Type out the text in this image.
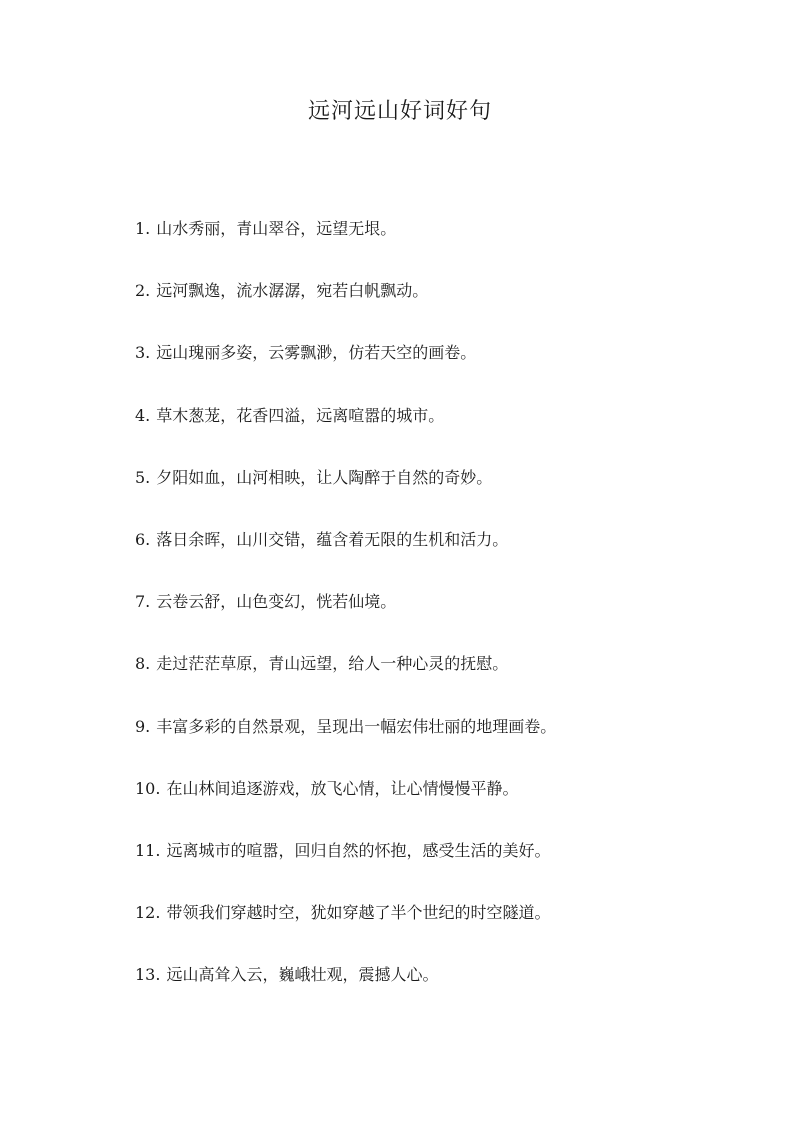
远河远山好词好句
1. 山水秀丽，青山翠谷，远望无垠。
2. 远河飘逸，流水潺潺，宛若白帆飘动。
3. 远山瑰丽多姿，云雾飘渺，仿若天空的画卷。
4. 草木葱茏，花香四溢，远离喧嚣的城市。
5. 夕阳如血，山河相映，让人陶醉于自然的奇妙。
6. 落日余晖，山川交错，蕴含着无限的生机和活力。
7. 云卷云舒，山色变幻，恍若仙境。
8. 走过茫茫草原，青山远望，给人一种心灵的抚慰。
9. 丰富多彩的自然景观，呈现出一幅宏伟壮丽的地理画卷。
10. 在山林间追逐游戏，放飞心情，让心情慢慢平静。
11. 远离城市的喧嚣，回归自然的怀抱，感受生活的美好。
12. 带领我们穿越时空，犹如穿越了半个世纪的时空隧道。
13. 远山高耸入云，巍峨壮观，震撼人心。
